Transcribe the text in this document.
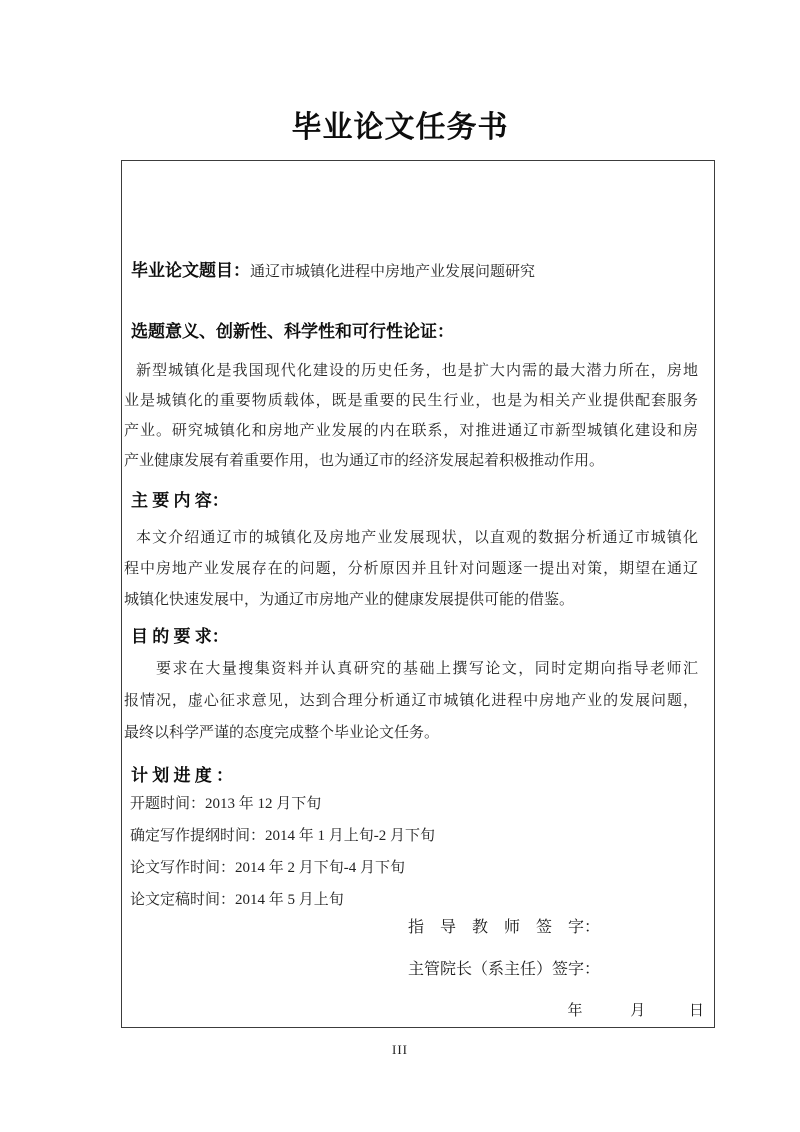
毕业论文任务书
毕业论文题目：通辽市城镇化进程中房地产业发展问题研究
选题意义、创新性、科学性和可行性论证：
新型城镇化是我国现代化建设的历史任务，也是扩大内需的最大潜力所在，房地
业是城镇化的重要物质载体，既是重要的民生行业，也是为相关产业提供配套服务
产业。研究城镇化和房地产业发展的内在联系，对推进通辽市新型城镇化建设和房
产业健康发展有着重要作用，也为通辽市的经济发展起着积极推动作用。
主 要 内 容：
本文介绍通辽市的城镇化及房地产业发展现状，以直观的数据分析通辽市城镇化
程中房地产业发展存在的问题，分析原因并且针对问题逐一提出对策，期望在通辽
城镇化快速发展中，为通辽市房地产业的健康发展提供可能的借鉴。
目 的 要 求：
要求在大量搜集资料并认真研究的基础上撰写论文，同时定期向指导老师汇
报情况，虚心征求意见，达到合理分析通辽市城镇化进程中房地产业的发展问题，
最终以科学严谨的态度完成整个毕业论文任务。
计 划 进 度 ：
开题时间：2013 年 12 月下旬
确定写作提纲时间：2014 年 1 月上旬-2 月下旬
论文写作时间：2014 年 2 月下旬-4 月下旬
论文定稿时间：2014 年 5 月上旬
指　导　教　师　签　字：
主管院长（系主任）签字：
年	月	日
III
